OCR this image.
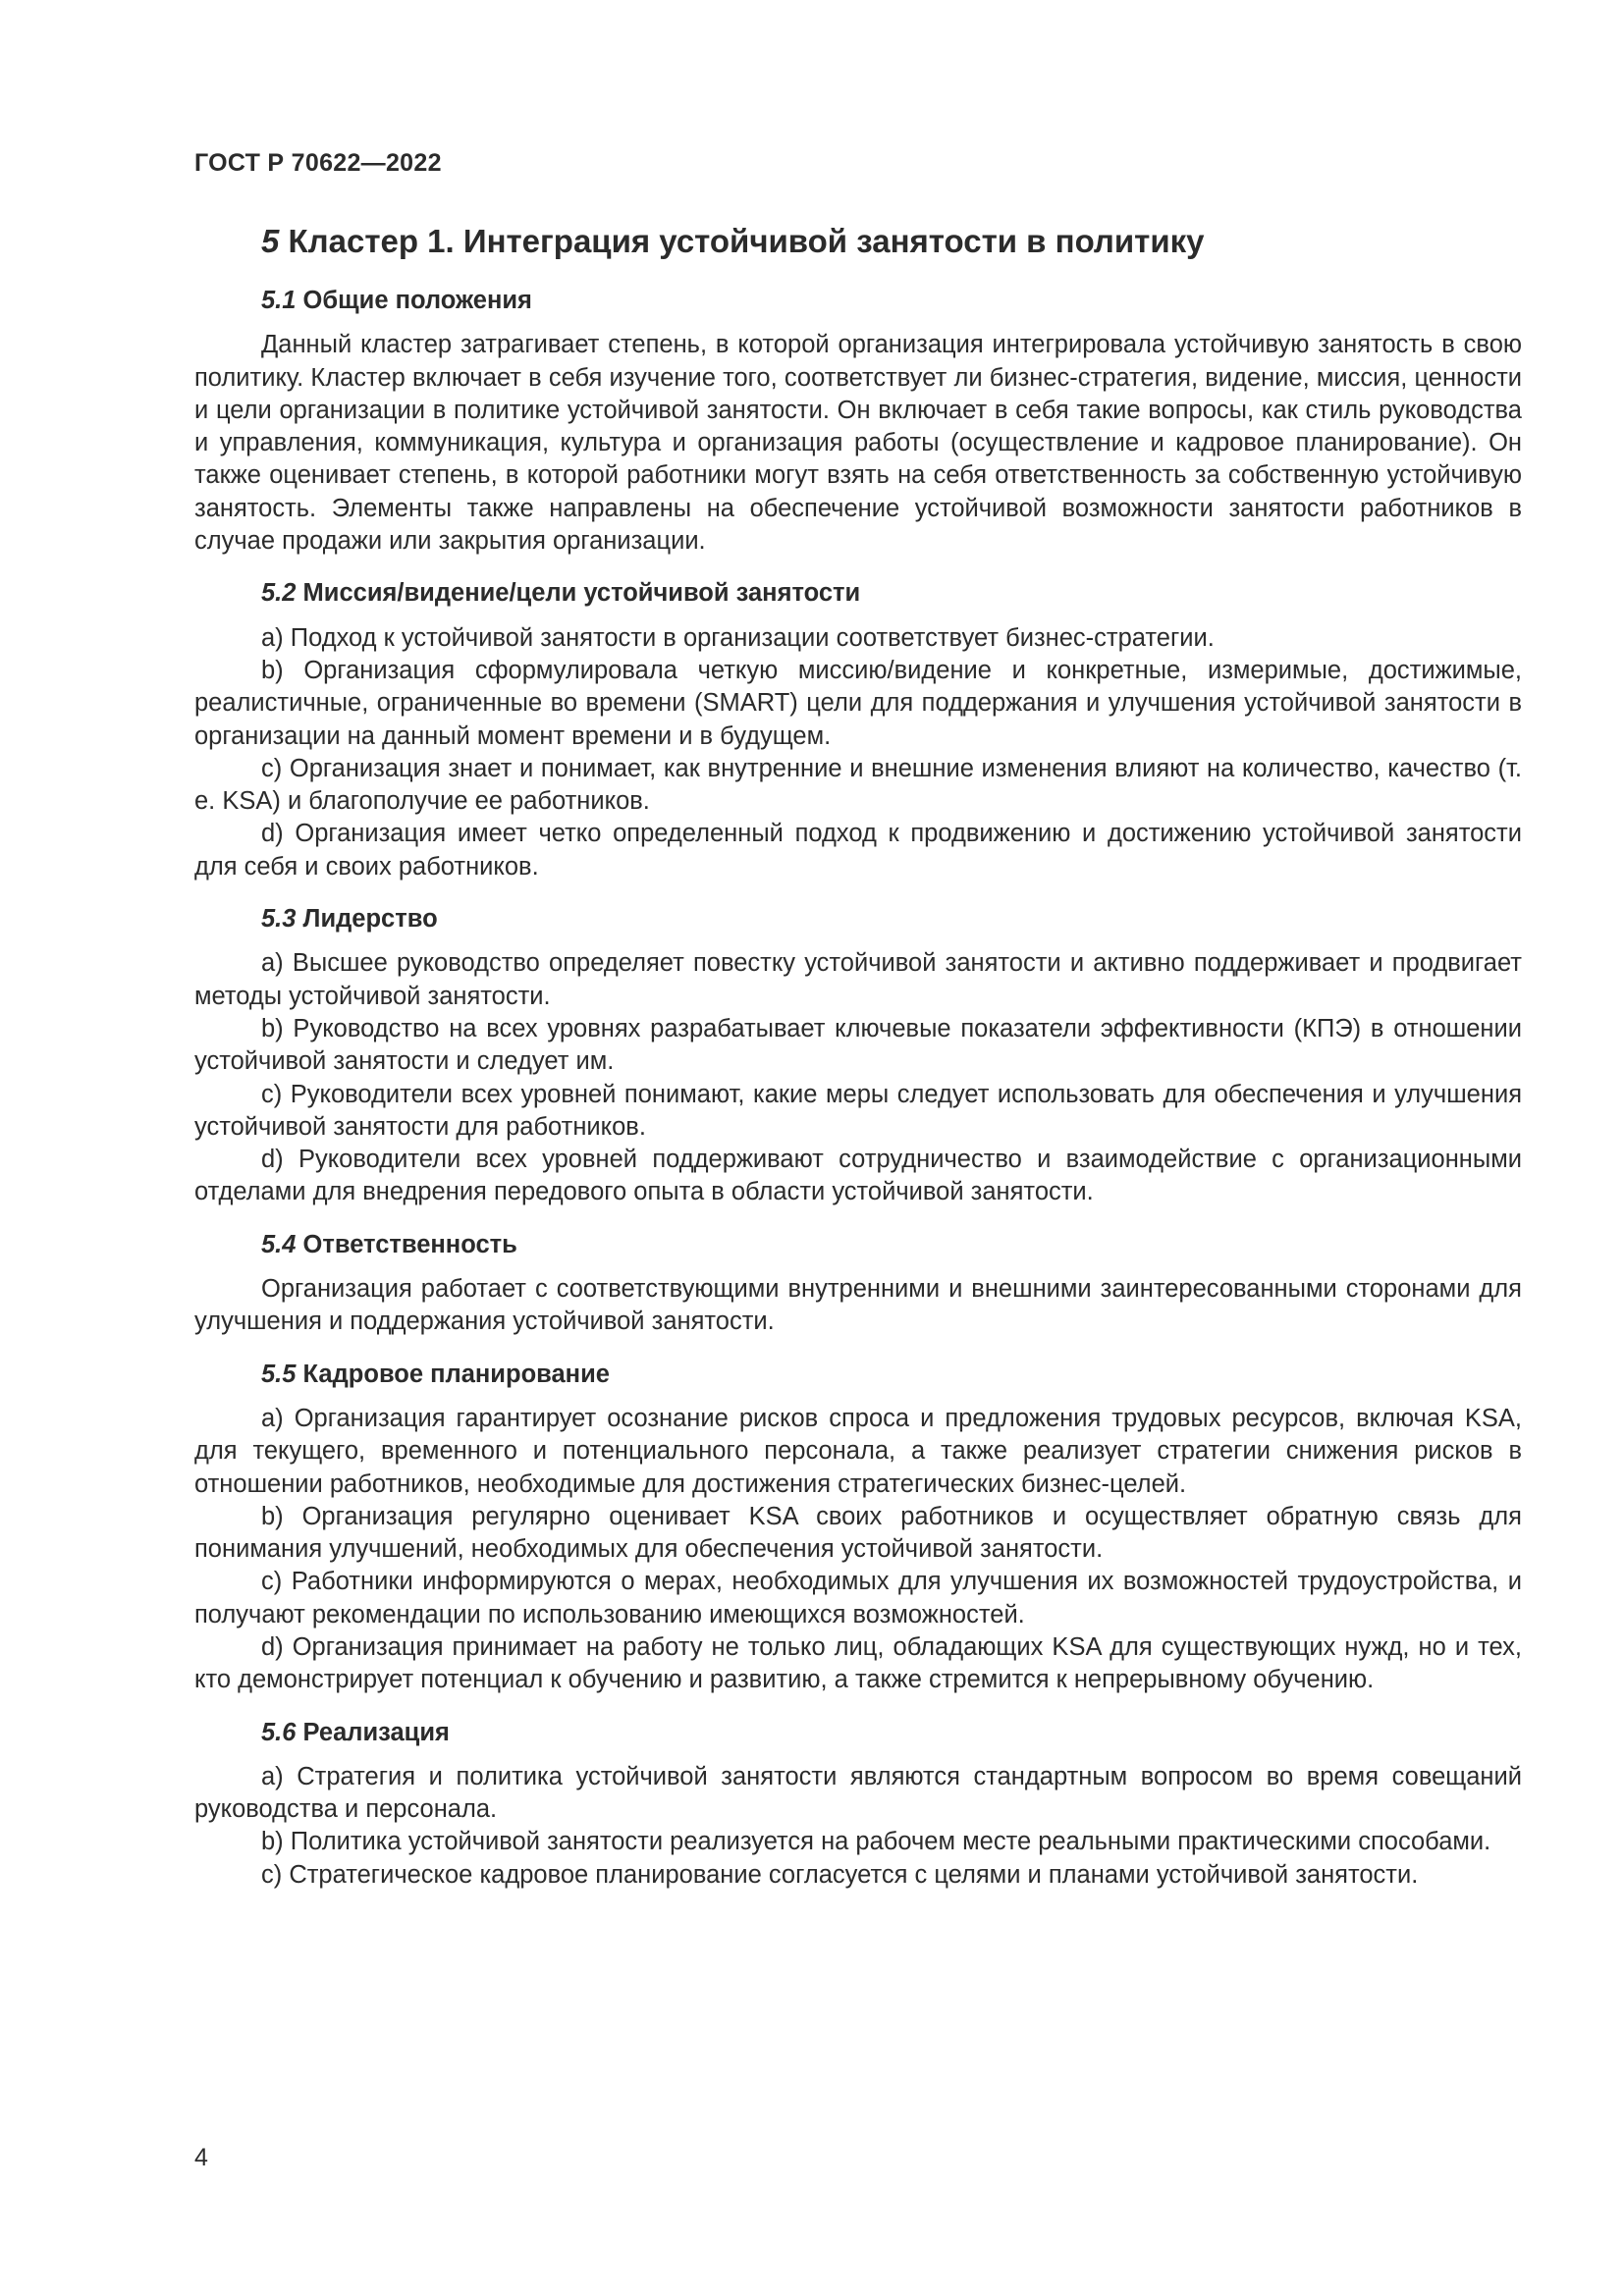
ГОСТ Р 70622—2022
5 Кластер 1. Интеграция устойчивой занятости в политику
5.1 Общие положения

Данный кластер затрагивает степень, в которой организация интегрировала устойчивую занятость в свою политику. Кластер включает в себя изучение того, соответствует ли бизнес-стратегия, видение, миссия, ценности и цели организации в политике устойчивой занятости. Он включает в себя такие вопросы, как стиль руководства и управления, коммуникация, культура и организация работы (осуществление и кадровое планирование). Он также оценивает степень, в которой работники могут взять на себя ответственность за собственную устойчивую занятость. Элементы также направлены на обеспечение устойчивой возможности занятости работников в случае продажи или закрытия организации.

5.2 Миссия/видение/цели устойчивой занятости

а) Подход к устойчивой занятости в организации соответствует бизнес-стратегии.

b) Организация сформулировала четкую миссию/видение и конкретные, измеримые, достижимые, реалистичные, ограниченные во времени (SMART) цели для поддержания и улучшения устойчивой занятости в организации на данный момент времени и в будущем.

c) Организация знает и понимает, как внутренние и внешние изменения влияют на количество, качество (т. е. KSA) и благополучие ее работников.

d) Организация имеет четко определенный подход к продвижению и достижению устойчивой занятости для себя и своих работников.

5.3 Лидерство

а) Высшее руководство определяет повестку устойчивой занятости и активно поддерживает и продвигает методы устойчивой занятости.

b) Руководство на всех уровнях разрабатывает ключевые показатели эффективности (КПЭ) в отношении устойчивой занятости и следует им.

c) Руководители всех уровней понимают, какие меры следует использовать для обеспечения и улучшения устойчивой занятости для работников.

d) Руководители всех уровней поддерживают сотрудничество и взаимодействие с организационными отделами для внедрения передового опыта в области устойчивой занятости.

5.4 Ответственность

Организация работает с соответствующими внутренними и внешними заинтересованными сторонами для улучшения и поддержания устойчивой занятости.

5.5 Кадровое планирование

а) Организация гарантирует осознание рисков спроса и предложения трудовых ресурсов, включая KSA, для текущего, временного и потенциального персонала, а также реализует стратегии снижения рисков в отношении работников, необходимые для достижения стратегических бизнес-целей.

b) Организация регулярно оценивает KSA своих работников и осуществляет обратную связь для понимания улучшений, необходимых для обеспечения устойчивой занятости.

c) Работники информируются о мерах, необходимых для улучшения их возможностей трудоустройства, и получают рекомендации по использованию имеющихся возможностей.

d) Организация принимает на работу не только лиц, обладающих KSA для существующих нужд, но и тех, кто демонстрирует потенциал к обучению и развитию, а также стремится к непрерывному обучению.

5.6 Реализация

а) Стратегия и политика устойчивой занятости являются стандартным вопросом во время совещаний руководства и персонала.

b) Политика устойчивой занятости реализуется на рабочем месте реальными практическими способами.

c) Стратегическое кадровое планирование согласуется с целями и планами устойчивой занятости.

4
